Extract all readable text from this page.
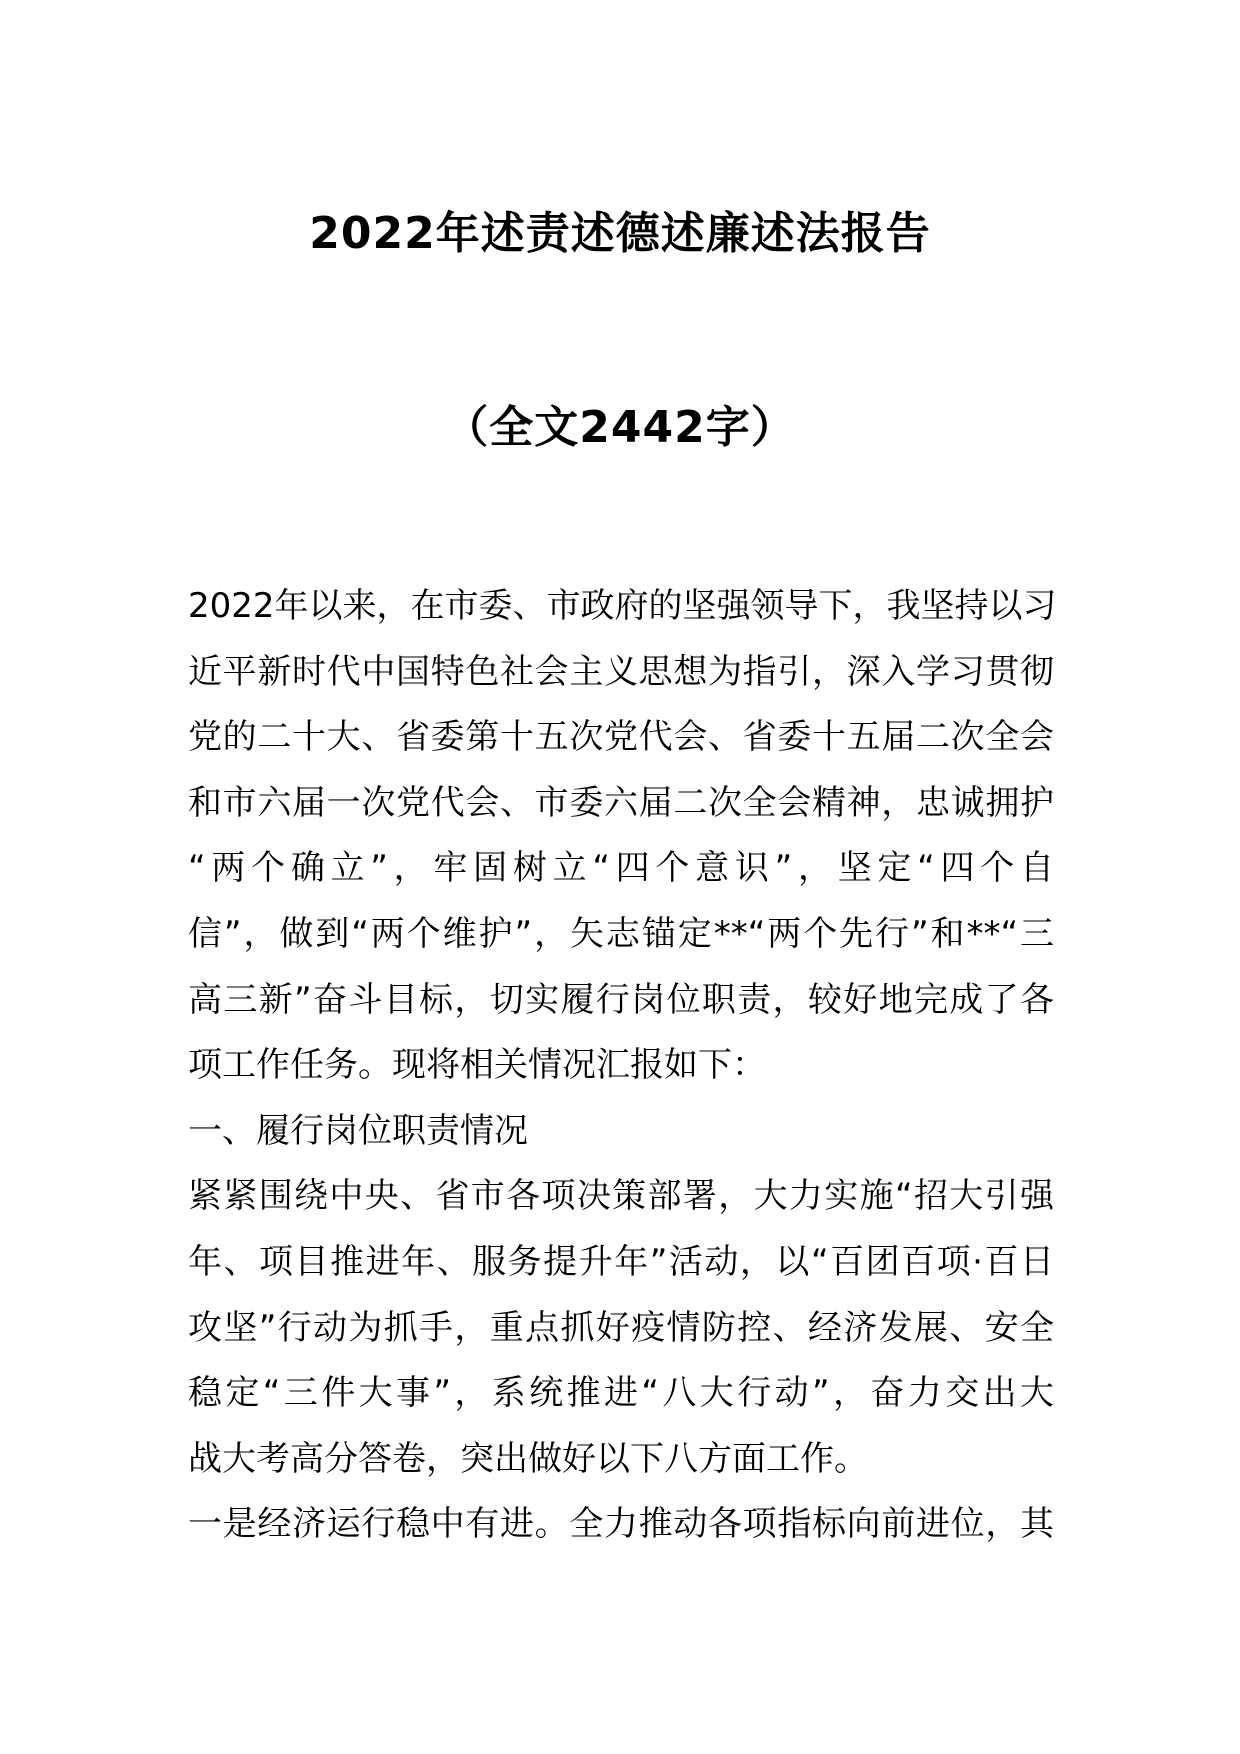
2022年述责述德述廉述法报告
（全文2442字）
2022年以来，在市委、市政府的坚强领导下，我坚持以习
近平新时代中国特色社会主义思想为指引，深入学习贯彻
党的二十大、省委第十五次党代会、省委十五届二次全会
和市六届一次党代会、市委六届二次全会精神，忠诚拥护
“两个确立”，牢固树立“四个意识”，坚定“四个自
信”，做到“两个维护”，矢志锚定**“两个先行”和**“三
高三新”奋斗目标，切实履行岗位职责，较好地完成了各
项工作任务。现将相关情况汇报如下：
一、履行岗位职责情况
紧紧围绕中央、省市各项决策部署，大力实施“招大引强
年、项目推进年、服务提升年”活动，以“百团百项·百日
攻坚”行动为抓手，重点抓好疫情防控、经济发展、安全
稳定“三件大事”，系统推进“八大行动”，奋力交出大
战大考高分答卷，突出做好以下八方面工作。
一是经济运行稳中有进。全力推动各项指标向前进位，其
